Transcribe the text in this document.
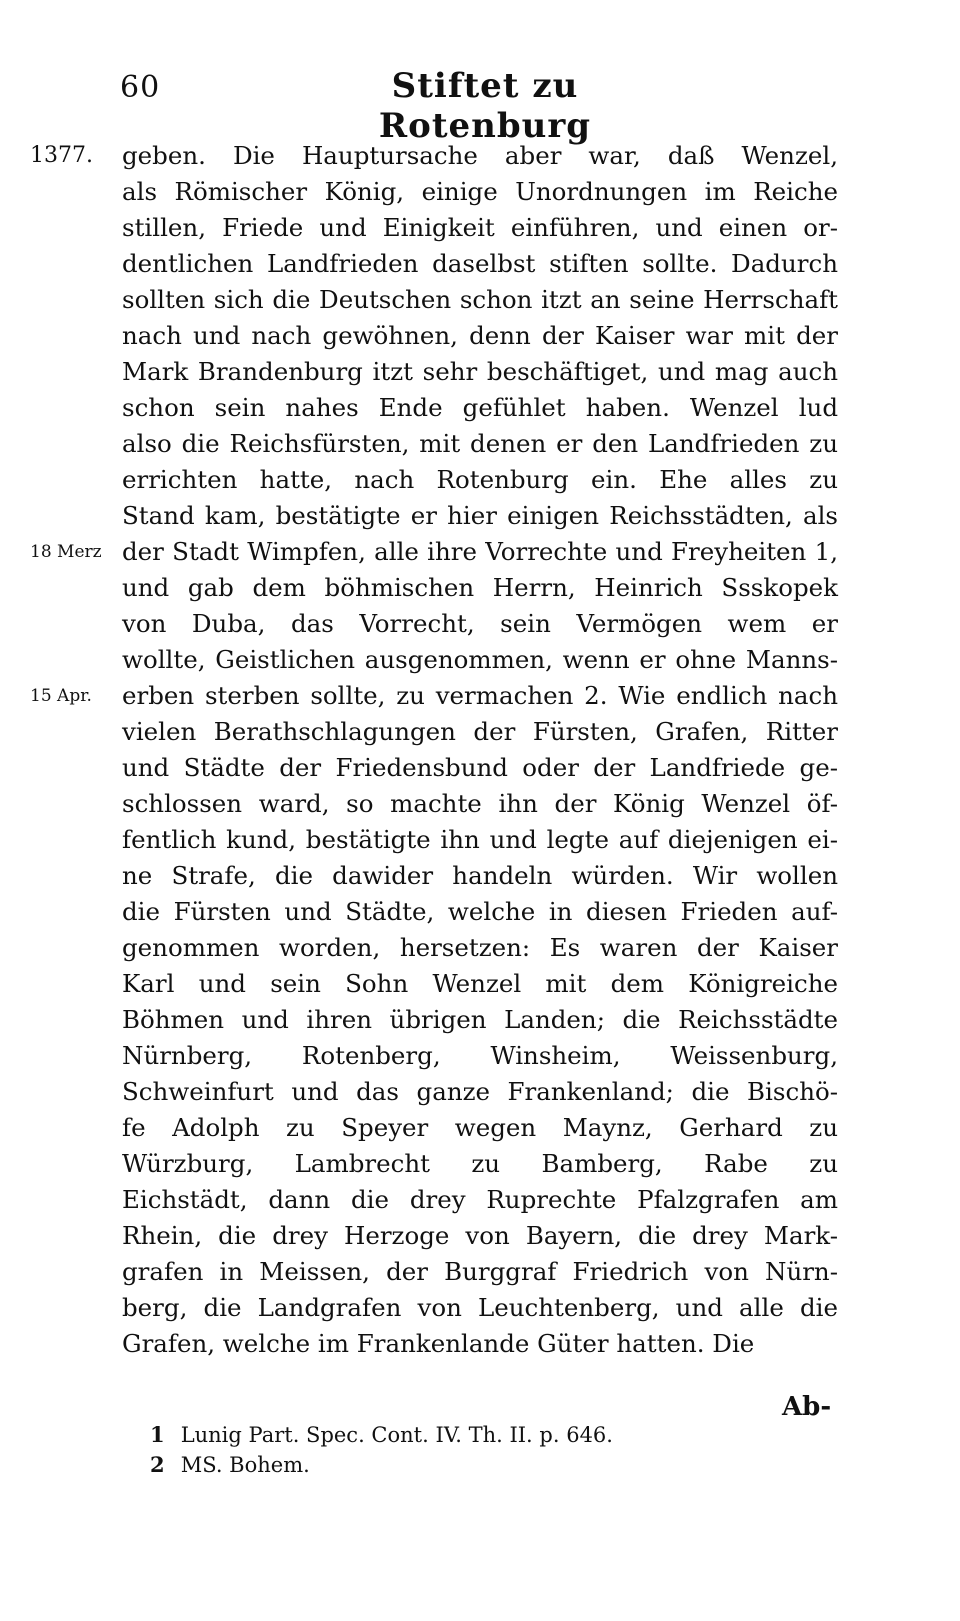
60	Stiftet zu Rotenburg
1377.
18 Merz
15 Apr.
geben. Die Hauptursache aber war, daß Wenzel,
als Römischer König, einige Unordnungen im Reiche
stillen, Friede und Einigkeit einführen, und einen or-
dentlichen Landfrieden daselbst stiften sollte. Dadurch
sollten sich die Deutschen schon itzt an seine Herrschaft
nach und nach gewöhnen, denn der Kaiser war mit der
Mark Brandenburg itzt sehr beschäftiget, und mag auch
schon sein nahes Ende gefühlet haben. Wenzel lud
also die Reichsfürsten, mit denen er den Landfrieden zu
errichten hatte, nach Rotenburg ein. Ehe alles zu
Stand kam, bestätigte er hier einigen Reichsstädten, als
der Stadt Wimpfen, alle ihre Vorrechte und Freyheiten 1,
und gab dem böhmischen Herrn, Heinrich Ssskopek
von Duba, das Vorrecht, sein Vermögen wem er
wollte, Geistlichen ausgenommen, wenn er ohne Manns-
erben sterben sollte, zu vermachen 2. Wie endlich nach
vielen Berathschlagungen der Fürsten, Grafen, Ritter
und Städte der Friedensbund oder der Landfriede ge-
schlossen ward, so machte ihn der König Wenzel öf-
fentlich kund, bestätigte ihn und legte auf diejenigen ei-
ne Strafe, die dawider handeln würden. Wir wollen
die Fürsten und Städte, welche in diesen Frieden auf-
genommen worden, hersetzen: Es waren der Kaiser
Karl und sein Sohn Wenzel mit dem Königreiche
Böhmen und ihren übrigen Landen; die Reichsstädte
Nürnberg, Rotenberg, Winsheim, Weissenburg,
Schweinfurt und das ganze Frankenland; die Bischö-
fe Adolph zu Speyer wegen Maynz, Gerhard zu
Würzburg, Lambrecht zu Bamberg, Rabe zu
Eichstädt, dann die drey Ruprechte Pfalzgrafen am
Rhein, die drey Herzoge von Bayern, die drey Mark-
grafen in Meissen, der Burggraf Friedrich von Nürn-
berg, die Landgrafen von Leuchtenberg, und alle die
Grafen, welche im Frankenlande Güter hatten. Die
Ab-
1 Lunig Part. Spec. Cont. IV. Th. II. p. 646.
2 MS. Bohem.
